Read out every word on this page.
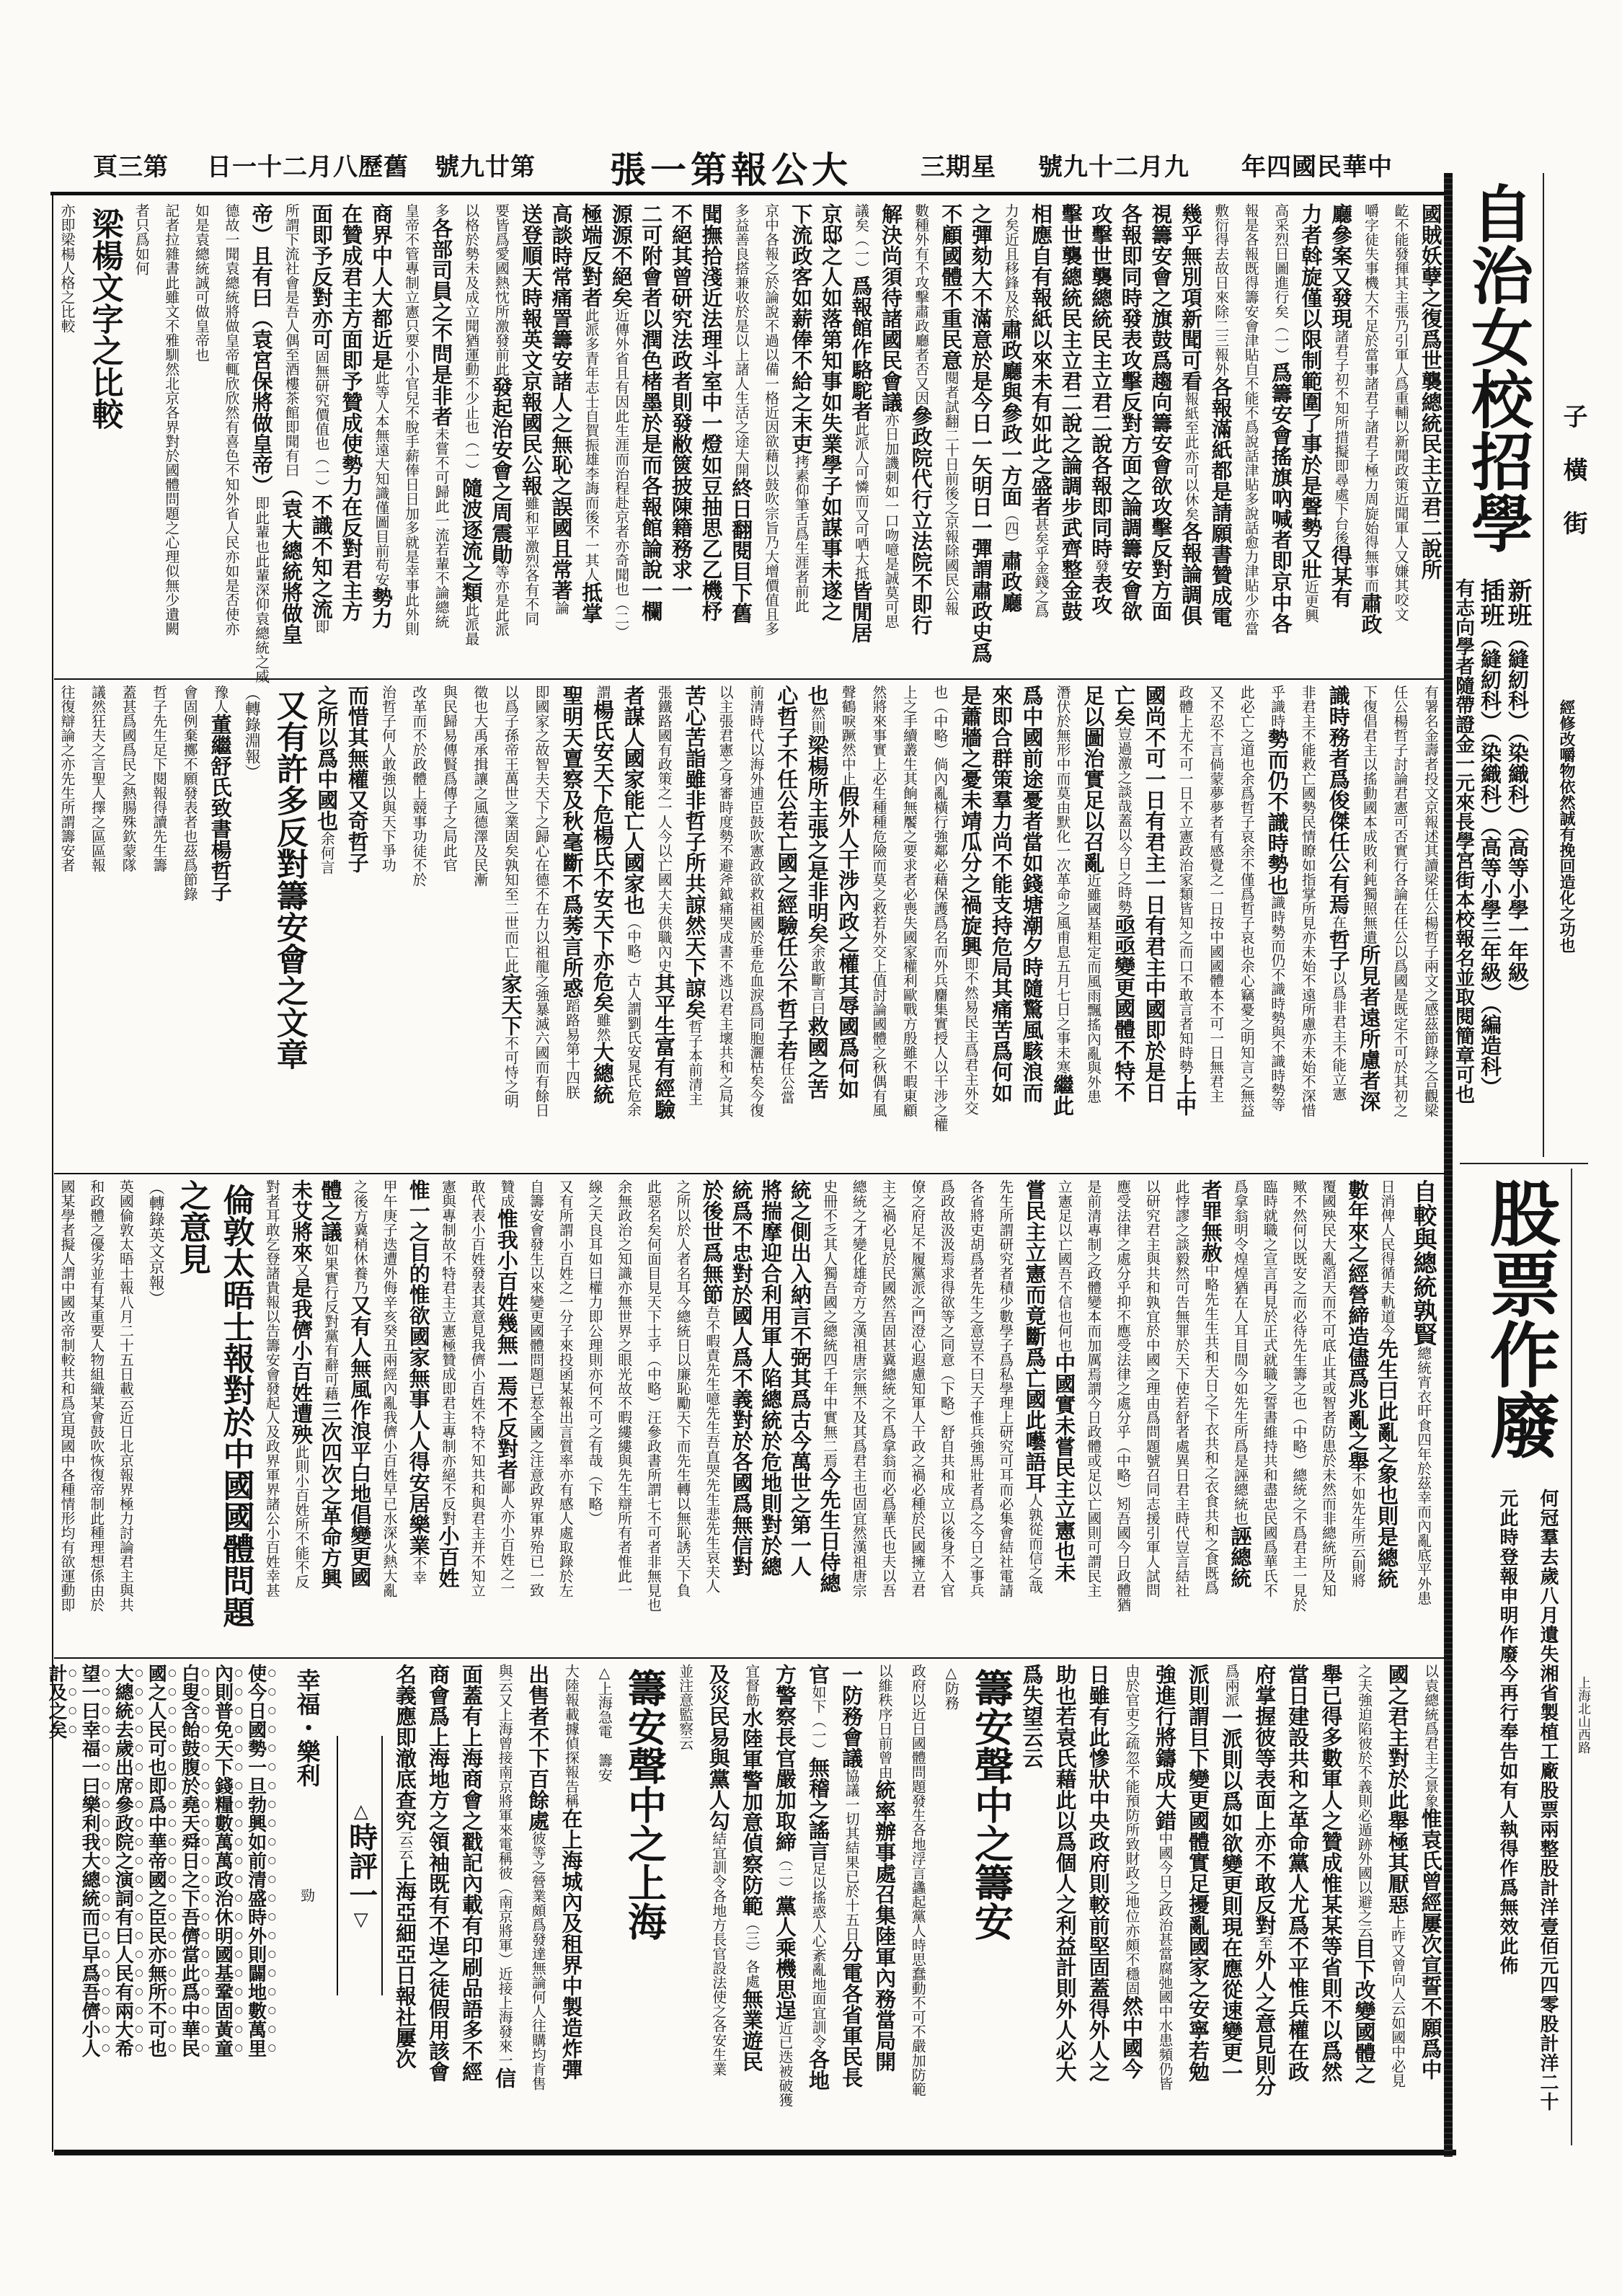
中華民國四年
九月二十九號
星期三
大公報第一張
第廿九號
舊歷八月二十一日
第三頁
國賊妖孽之復爲世襲總統民主立君二說所
齕不能發揮其主張乃引軍人爲重輔以新聞政策近聞軍人又嫌其咬文
嚼字徒失事機大不足於當事諸君子諸君子極力周旋始得無事而肅政
廳參案又發現諸君子初不知所措擬即尋處下台後得某有
力者斡旋僅以限制範圍了事於是聲勢又壯近更興
高采烈日圖進行矣（一）爲籌安會搖旗吶喊者即京中各
報是各報既得籌安會津貼自不能不爲說話津貼多說話愈力津貼少亦當
敷衍得去故日來除二三報外各報滿紙都是請願書贊成電
幾乎無別項新聞可看報紙至此亦可以休矣各報論調俱
視籌安會之旗鼓爲趨向籌安會欲攻擊反對方面
各報即同時發表攻擊反對方面之論調籌安會欲
攻擊世襲總統民主立君二說各報即同時發表攻
擊世襲總統民主立君二說之論調步武齊整金鼓
相應自有報紙以來未有如此之盛者甚矣乎金錢之爲
力矣近且移鋒及於肅政廳與參政一方面（四）肅政廳
之彈劾大不滿意於是今日一矢明日一彈謂肅政史爲
不顧國體不重民意閱者試翻二十日前後之京報除國民公報
數種外有不攻擊肅政廳者否又因參政院代行立法院不即行
解決尚須待諸國民會議亦日加譏刺如一口吻噫是誠莫可思
議矣（一）爲報館作駱駝者此派人可憐而又可哂大抵皆閒居
京邸之人如落第知事如失業學子如謀事未遂之
下流政客如薪俸不給之末吏拷素仰筆舌爲生涯者前此
京中各報之於論說不過以備一格近因欲藉以鼓吹宗旨乃大增價值且多
多益善良搭兼收於是以上諸人生活之途大開終日翻閱目下舊
聞撫拾淺近法理斗室中一燈如豆抽思乙乙機杼
不絕其曾研究法政者則發敝篋披陳籍務求一
二可附會者以潤色楮墨於是而各報館論說一欄
源源不絕矣近傳外省且有因此生涯而治程赴京者亦奇聞也（二）
極端反對者此派多青年志士自賀振雄李誨而後不一其人抵掌
高談時常痛詈籌安諸人之無恥之誤國且常著論
送登順天時報英文京報國民公報雖和平激烈各有不同
要皆爲愛國熱忱所激發前此發起治安會之周震勛等亦是此派
以格於勢未及成立聞猶運動不少止也（一）隨波逐流之類此派最
多各部司員之不問是非者未嘗不可歸此一流若輩不論總統
皇帝不管專制立憲只要小小官兒不脫手薪俸日日加多就是幸事此外則
商界中人大都近是此等人本無遠大知識僅圖目前苟安勢力
在贊成君主方面即予贊成使勢力在反對君主方
面即予反對亦可固無研究價值也（一）不識不知之流即
所謂下流社會是吾人偶至酒樓茶館即聞有曰（袁大總統將做皇
帝）且有曰（袁宮保將做皇帝）即此輩也此輩深仰袁總統之威
德故一聞袁總統將做皇帝輒欣欣然有喜色不知外省人民亦如是否使亦
如是袁總統誠可做皇帝也
記者拉雜書此雖文不雅馴然北京各界對於國體問題之心理似無少遺闕
者只爲如何
梁楊文字之比較
亦即梁楊人格之比較
有署名金壽者投文京報述其讀梁任公楊哲子兩文之感茲節錄之合觀梁
任公楊哲子討論君憲可否實行各論在任公以爲國是既定不可於其初之
下復倡君主以搖動國本成敗利鈍獨照無遺所見者遠所慮者深
識時務者爲俊傑任公有焉在哲子以爲非君主不能立憲
非君主不能救亡國勢民情瞭如指掌所見亦未始不遠所慮亦未始不深惜
乎識時勢而仍不識時勢也識時勢而仍不識時勢與不識時勢等
此必亡之道也余爲哲子哀余不僅爲哲子哀也余心竊憂之明知言之無益
又不忍不言倘蒙夢夢者有感覺之一日按中國國體本不可一日無君主
政體上尤不可一日不立憲政治家類皆知之而口不敢言者知時勢上中
國尚不可一日有君主一日有君主中國即於是日
亡矣豈過激之談哉蓋以今日之時勢亟亟變更國體不特不
足以圖治實足以召亂近雖國基粗定而風雨飄搖內亂與外患
潛伏於無形中而莫由默化一次革命之風甫息五月七日之事未寒繼此
爲中國前途憂者當如錢塘潮夕時隨驚風駭浪而
來即合群策羣力尚不能支持危局其痛苦爲何如
是蕭牆之憂未靖瓜分之禍旋興即不然易民主爲君主外交
也（中略）倘內亂橫行強鄰必藉保護爲名而外兵麕集實授人以干涉之權
上之手續叢生其餉無饜之要求者必喪失國家權利歐戰方殷雖不暇東顧
然將來事實上必生種種危險而莫之救若外交上值討論國體之秋偶有風
聲鶴唳蹶然中止假外人干涉內政之權其辱國爲何如
也然則梁楊所主張之是非明矣余敢斷言曰救國之苦
心哲子不任公若亡國之經驗任公不哲子若任公當
前清時代以海外逋臣鼓吹憲政欲救祖國於垂危血淚爲同胞灑枯矣今復
以主張君憲之身審時度勢不避斧鉞痛哭成書不逃以君主壞共和之局其
苦心苦詣雖非哲子所共諒然天下諒矣哲子本前清主
張鐵路國有政策之一人今以亡國大夫供職內史其平生富有經驗
者謀人國家能亡人國家也（中略）古人謂劉氏安晁氏危余
謂楊氏安天下危楊氏不安天下亦危矣雖然大總統
聖明天亶察及秋毫斷不爲莠言所惑蹈路易第十四朕
即國家之故智夫天下之歸心在德不在力以祖龍之強暴滅六國而有餘日
以爲子孫帝王萬世之業固矣孰知至二世而亡此家天下不可恃之明
徵也大禹承揖讓之風德澤及民漸
與民歸易傳賢爲傳子之局此官
改革而不於政體上競事功徒不於
治哲子何人敢強以與天下爭功
而惜其無權又奇哲子
之所以爲中國也余何言
又有許多反對籌安會之文章
（轉錄淵報）
豫人董繼舒氏致書楊哲子
會固例棄擲不願發表者也茲爲節錄
哲子先生足下閱報得讀先生籌
蓋甚爲國爲民之熱腸殊欽蒙隊
議然狂夫之言聖人擇之區區報
往復辯論之亦先生所謂籌安者
自較與總統孰賢總統宵衣旰食四年於茲幸而內亂底平外患
日消俾人民得循夫軌道今先生曰此亂之象也則是總統
數年來之經營締造儘爲兆亂之舉不如先生所云則將
覆國殃民大亂滔天而不可底止其或智者防患於未然而非總統所及知
歟不然何以既安之而必待先生籌之也（中略）總統之不爲君主一見於
臨時就職之宣言再見於正式就職之誓書維持共和盡忠民國爲華氏不
爲拿翁明令煌煌猶在人耳目間今如先生所爲是誣總統也誣總統
者罪無赦中略先生生共和天日之下衣共和之衣食共和之食既爲
此悖謬之談毅然可告無罪於天下使若舒者處異日君主時代豈言結社
以研究君主與共和孰宜於中國之理由爲問題號召同志援引軍人試問
應受法律之處分乎抑不應受法律之處分乎（中略）矧吾國今日政體猶
是前清專制之政體變本而加厲焉謂今日政體或足以亡國則可謂民主
立憲足以亡國吾不信也何也中國實未嘗民主立憲也未
嘗民主立憲而竟斷爲亡國此囈語耳人孰從而信之哉
先生所謂研究者積少數學子爲私學理上研究可耳而必集會結社電請
各省將吏胡爲者先生之意豈不曰天子惟兵強馬壯者爲之今日之事兵
爲政故汲汲焉求得欲等之同意（下略）舒自共和成立以後身不入官
僚之府足不履黨派之門澄心遐慮知軍人干政之禍必種於民國擁立君
主之禍必見於民國然吾固甚冀總統之不爲拿翁而必爲華氏也夫以吾
總統之才變化雄奇方之漢祖唐宗無不及其爲君主也固宜然漢祖唐宗
史冊不乏其人獨吾國之總統四千年中實無二焉今先生日侍總
統之側出入納言不弼其爲古今萬世之第一人
將揣摩迎合利用軍人陷總統於危地則對於總
統爲不忠對於國人爲不義對於各國爲無信對
於後世爲無節吾不暇責先生噫先生吾直哭先生悲先生哀夫人
之所以於人者名耳今總統日以廉恥勵天下而先生轉以無恥誘天下負
此惡名矣何面目見天下士乎（中略）汪參政書所謂七不可者非無見也
余無政治之知識亦無世界之眼光故不暇縷縷與先生辯所有者惟此一
線之天良耳如曰權力即公理則亦何不可之有哉（下略）
又有所謂小百姓之一分子來投函某報出言質率亦有感人處取錄於左
自籌安會發生以來變更國體問題已惹全國之注意政界軍界殆已一致
贊成惟我小百姓幾無一焉不反對者鄙人亦小百姓之一
敢代表小百姓發表其意見我儕小百姓不特不知共和與君主并不知立
憲與專制故不特君主立憲極贊成即君主專制亦絕不反對小百姓
惟一之目的惟欲國家無事人人得安居樂業不幸
甲午庚子迭遭外侮辛亥癸丑兩經內亂我儕小百姓早已水深火熱大亂
之後方冀稍休養乃又有人無風作浪平白地倡變更國
體之議如果實行反對黨有辭可藉三次四次之革命方興
未艾將來又是我儕小百姓遭殃此則小百姓所不能不反
對者耳敢乞登諸貴報以告籌安會發起人及政界軍界諸公小百姓幸甚
倫敦太晤士報對於中國國體問題
之意見
（轉錄英文京報）
英國倫敦太晤士報八月二十五日載云近日北京報界極力討論君主與共
和政體之優劣並有某重要人物組織某會鼓吹恢復帝制此種理想係由於
國某學者擬人謂中國改帝制較共和爲宜現國中各種情形均有欲運動即
以袁總統爲君主之景象惟袁氏曾經屢次宣誓不願爲中
國之君主對於此舉極其厭惡上昨又曾向人云如國中必見
之夫強迫陷彼於不義則必遁跡外國以避之云目下改變國體之
舉已得多數軍人之贊成惟某某等省則不以爲然
當日建設共和之革命黨人尤爲不平惟兵權在政
府掌握彼等表面上亦不敢反對至外人之意見則分
爲兩派一派則以爲如欲變更則現在應從速變更一
派則謂目下變更國體實足擾亂國家之安寧若勉
強進行將鑄成大錯中國今日之政治甚當腐弛國中水患頻仍皆
由於官吏之疏忽不能預防所致財政之地位亦頗不穩固然中國今
日雖有此慘狀中央政府則較前堅固蓋得外人之
助也若袁氏藉此以爲個人之利益計則外人必大
爲失望云云
籌安聲中之籌安
△防務
政府以近日國體問題發生各地浮言蠭起黨人時思蠢動不可不嚴加防範
以維秩序日前曾由統率辦事處召集陸軍內務當局開
一防務會議協議一切其結果已於十五日分電各省軍民長
官如下（一）無稽之謠言足以搖惑人心紊亂地面宜訓令各地
方警察長官嚴加取締（二）黨人乘機思逞近已迭被破獲
宜督飭水陸軍警加意偵察防範（三）各處無業遊民
及災民易與黨人勾結宜訓令各地方長官設法使之各安生業
並注意監察云
籌安聲中之上海
△上海急電　籌安
大陸報載據偵探報告稱在上海城內及租界中製造炸彈
出售者不下百餘處彼等之營業頗爲發達無論何人往購均肯售
與云又上海曾接南京將軍來電稱彼（南京將軍）近接上海發來一信
面蓋有上海商會之戳記內載有印刷品語多不經
商會爲上海地方之領袖既有不逞之徒假用該會
名義應即澈底查究云云上海亞細亞日報社屢次
△時評一▽
幸福・樂利　　　　　　　勁
使今日國勢一旦勃興如前清盛時外則闢地數萬里
內則普免天下錢糧數萬萬政治休明國基鞏固黃童
白叟含飴鼓腹於堯天舜日之下吾儕當此爲中華民
國之人民可也即爲中華帝國之臣民亦無所不可也
大總統去歲出席參政院之演詞有曰人民有兩大希
望一曰幸福一曰樂利我大總統而已早爲吾儕小人
計及之矣
自治女校招學
新班（縫紉科）（染織科）（高等小學一年級）
插班（縫紉科）（染織科）（高等小學三年級）（編造科）
有志向學者隨帶證金一元來長學宮街本校報名並取閱簡章可也
子橫街
經修改嚼物依然誠有挽回造化之功也
股票作廢
何冠羣去歲八月遺失湘省製植工廠股票兩整股計洋壹佰元四零股計洋二十
元此時登報申明作廢今再行奉告如有人執得作爲無效此佈	上海北山西路
